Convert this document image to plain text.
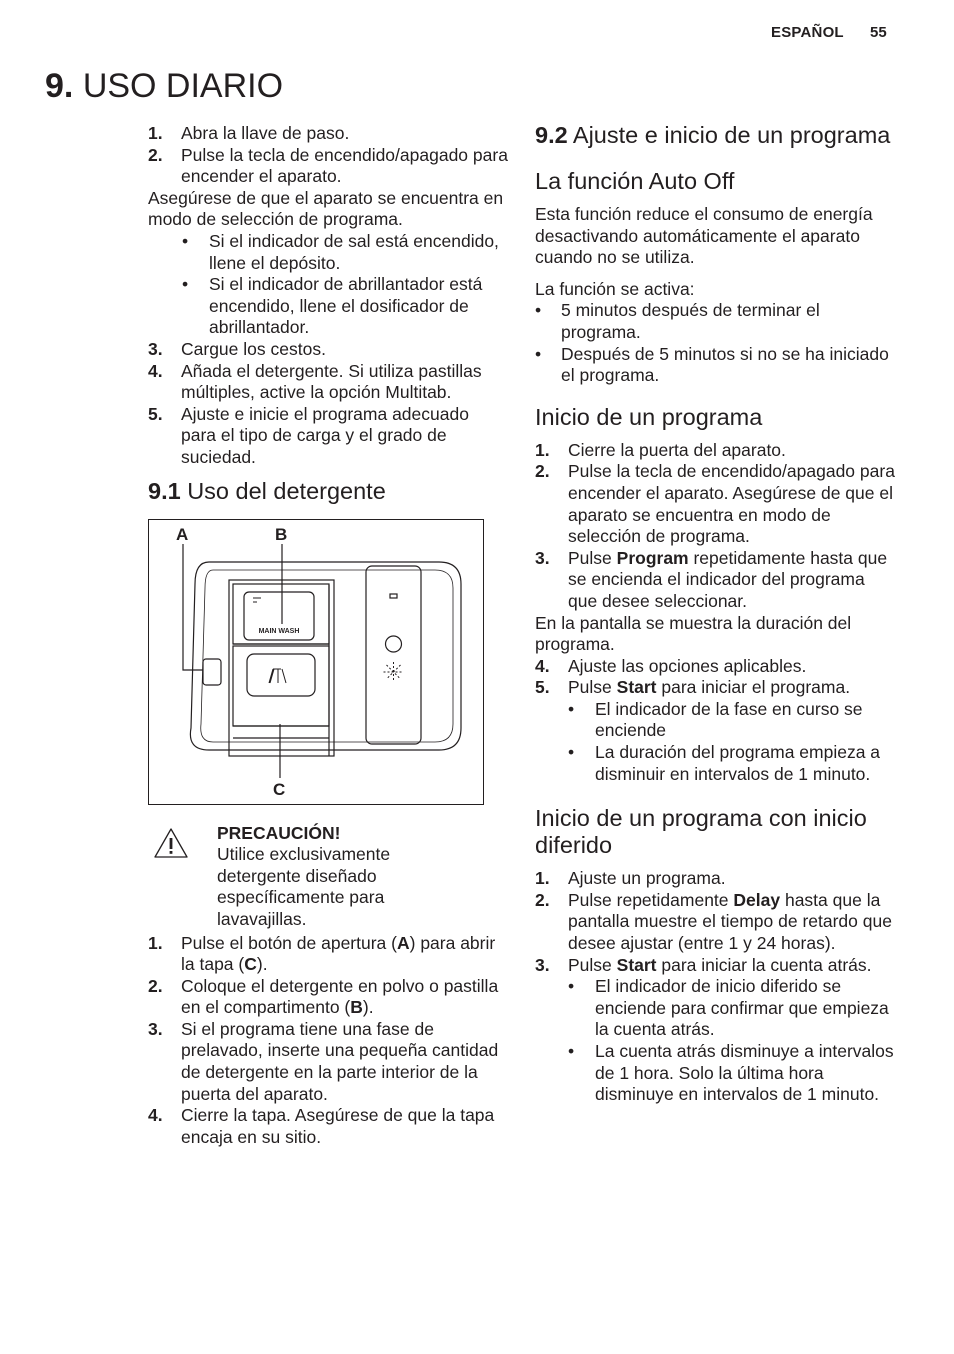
ESPAÑOL 55
9. USO DIARIO
1. Abra la llave de paso.
2. Pulse la tecla de encendido/apagado para encender el aparato.
Asegúrese de que el aparato se encuentra en modo de selección de programa.
• Si el indicador de sal está encendido, llene el depósito.
• Si el indicador de abrillantador está encendido, llene el dosificador de abrillantador.
3. Cargue los cestos.
4. Añada el detergente. Si utiliza pastillas múltiples, active la opción Multitab.
5. Ajuste e inicie el programa adecuado para el tipo de carga y el grado de suciedad.
9.1 Uso del detergente
MAIN WASH
A	B
C
PRECAUCIÓN!
Utilice exclusivamente detergente diseñado específicamente para lavavajillas.
1. Pulse el botón de apertura (A) para abrir la tapa (C).
2. Coloque el detergente en polvo o pastilla en el compartimento (B).
3. Si el programa tiene una fase de prelavado, inserte una pequeña cantidad de detergente en la parte interior de la puerta del aparato.
4. Cierre la tapa. Asegúrese de que la tapa encaja en su sitio.
9.2 Ajuste e inicio de un programa
La función Auto Off
Esta función reduce el consumo de energía desactivando automáticamente el aparato cuando no se utiliza.
La función se activa:
• 5 minutos después de terminar el programa.
• Después de 5 minutos si no se ha iniciado el programa.
Inicio de un programa
1. Cierre la puerta del aparato.
2. Pulse la tecla de encendido/apagado para encender el aparato. Asegúrese de que el aparato se encuentra en modo de selección de programa.
3. Pulse Program repetidamente hasta que se encienda el indicador del programa que desee seleccionar.
En la pantalla se muestra la duración del programa.
4. Ajuste las opciones aplicables.
5. Pulse Start para iniciar el programa.
• El indicador de la fase en curso se enciende
• La duración del programa empieza a disminuir en intervalos de 1 minuto.
Inicio de un programa con inicio diferido
1. Ajuste un programa.
2. Pulse repetidamente Delay hasta que la pantalla muestre el tiempo de retardo que desee ajustar (entre 1 y 24 horas).
3. Pulse Start para iniciar la cuenta atrás.
• El indicador de inicio diferido se enciende para confirmar que empieza la cuenta atrás.
• La cuenta atrás disminuye a intervalos de 1 hora. Solo la última hora disminuye en intervalos de 1 minuto.
